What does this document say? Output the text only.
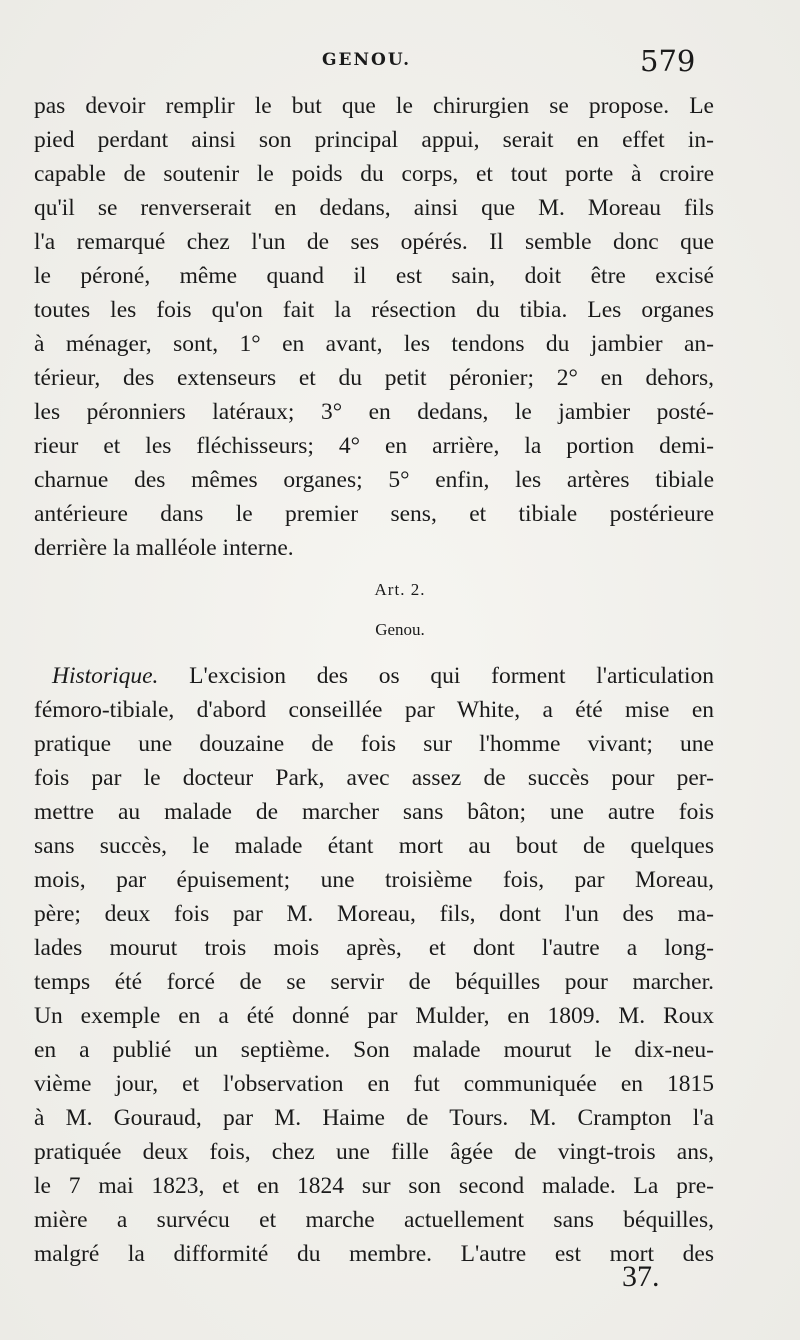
GENOU.	579
pas devoir remplir le but que le chirurgien se propose. Le
pied perdant ainsi son principal appui, serait en effet in-
capable de soutenir le poids du corps, et tout porte à croire
qu'il se renverserait en dedans, ainsi que M. Moreau fils
l'a remarqué chez l'un de ses opérés. Il semble donc que
le péroné, même quand il est sain, doit être excisé
toutes les fois qu'on fait la résection du tibia. Les organes
à ménager, sont, 1° en avant, les tendons du jambier an-
térieur, des extenseurs et du petit péronier; 2° en dehors,
les péronniers latéraux; 3° en dedans, le jambier posté-
rieur et les fléchisseurs; 4° en arrière, la portion demi-
charnue des mêmes organes; 5° enfin, les artères tibiale
antérieure dans le premier sens, et tibiale postérieure
derrière la malléole interne.
Art. 2.
Genou.
Historique. L'excision des os qui forment l'articulation
fémoro-tibiale, d'abord conseillée par White, a été mise en
pratique une douzaine de fois sur l'homme vivant; une
fois par le docteur Park, avec assez de succès pour per-
mettre au malade de marcher sans bâton; une autre fois
sans succès, le malade étant mort au bout de quelques
mois, par épuisement; une troisième fois, par Moreau,
père; deux fois par M. Moreau, fils, dont l'un des ma-
lades mourut trois mois après, et dont l'autre a long-
temps été forcé de se servir de béquilles pour marcher.
Un exemple en a été donné par Mulder, en 1809. M. Roux
en a publié un septième. Son malade mourut le dix-neu-
vième jour, et l'observation en fut communiquée en 1815
à M. Gouraud, par M. Haime de Tours. M. Crampton l'a
pratiquée deux fois, chez une fille âgée de vingt-trois ans,
le 7 mai 1823, et en 1824 sur son second malade. La pre-
mière a survécu et marche actuellement sans béquilles,
malgré la difformité du membre. L'autre est mort des
37.
